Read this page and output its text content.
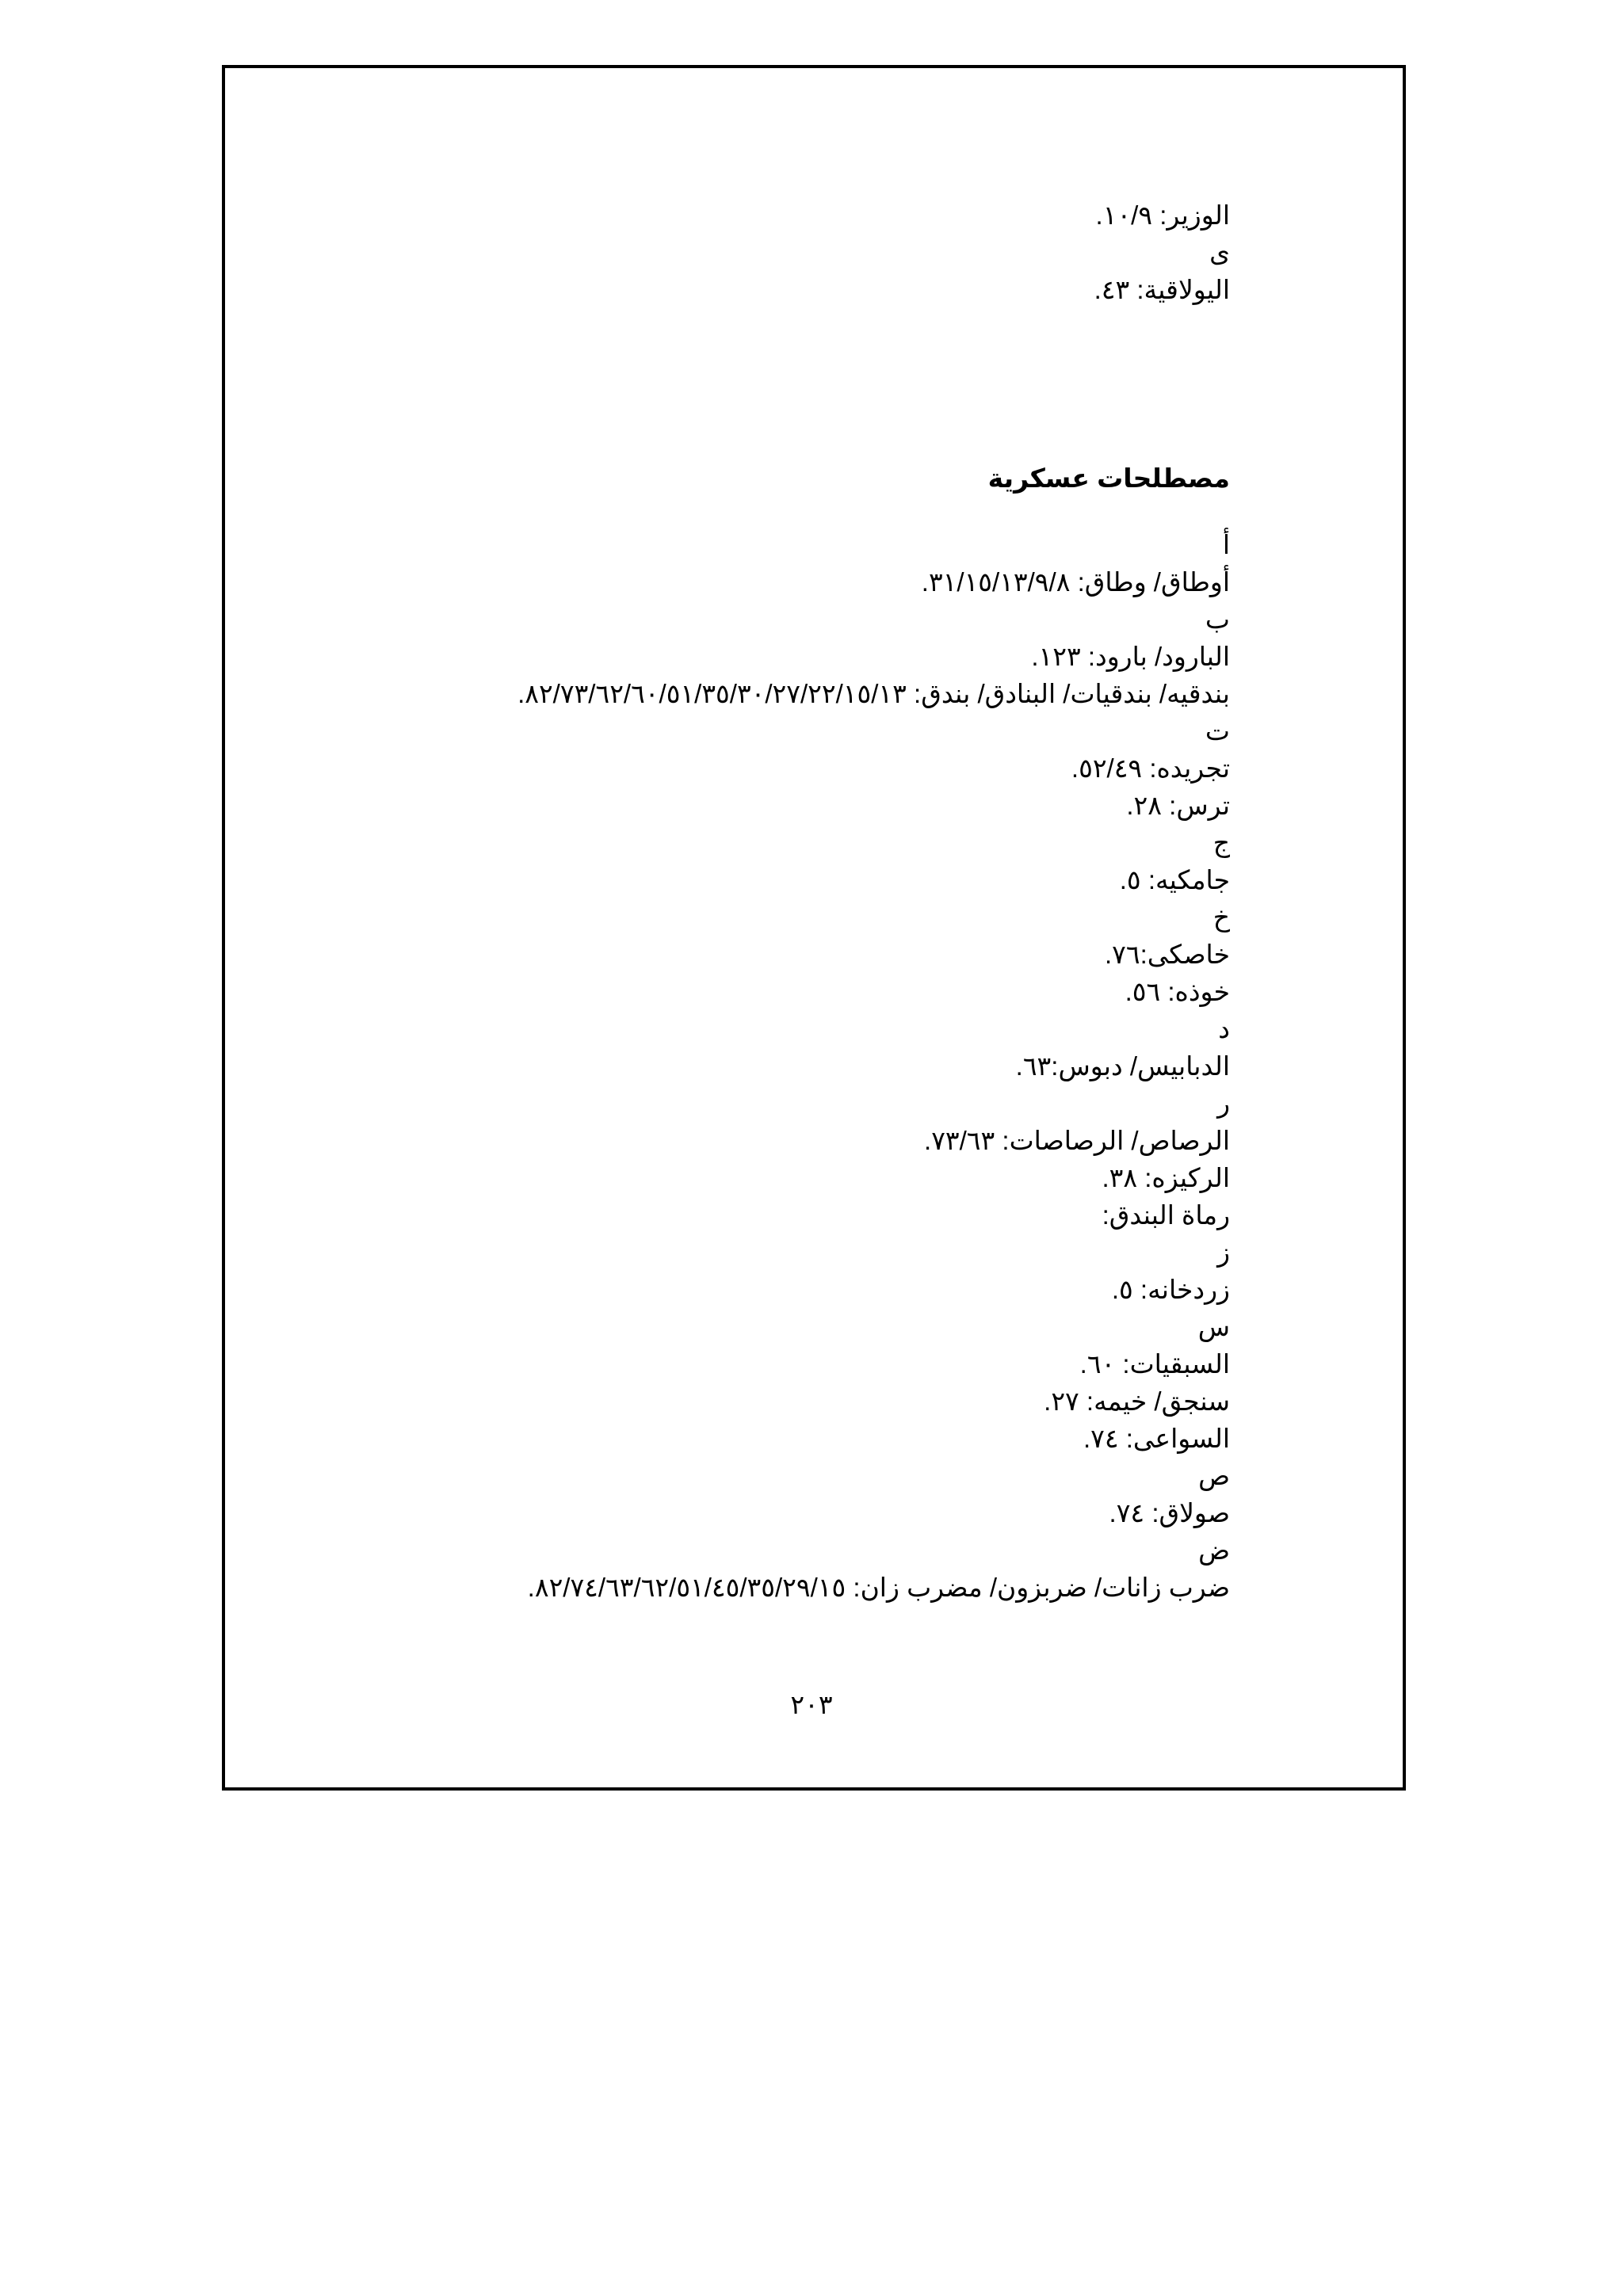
الوزير: ١٠/٩.
ى
اليولاقية: ٤٣.
مصطلحات عسكرية
أ
أوطاق/ وطاق: ٣١/١٥/١٣/٩/٨.
ب
البارود/ بارود: ١٢٣.
بندقيه/ بندقيات/ البنادق/ بندق: ٨٢/٧٣/٦٢/٦٠/٥١/٣٥/٣٠/٢٧/٢٢/١٥/١٣.
ت
تجريده: ٥٢/٤٩.
ترس: ٢٨.
ج
جامكيه: ٥.
خ
خاصكى:٧٦.
خوذه: ٥٦.
د
الدبابيس/ دبوس:٦٣.
ر
الرصاص/ الرصاصات: ٧٣/٦٣.
الركيزه: ٣٨.
رماة البندق:
ز
زردخانه: ٥.
س
السبقيات: ٦٠.
سنجق/ خيمه: ٢٧.
السواعى: ٧٤.
ص
صولاق: ٧٤.
ض
ضرب زانات/ ضربزون/ مضرب زان: ٨٢/٧٤/٦٣/٦٢/٥١/٤٥/٣٥/٢٩/١٥.
٢٠٣
